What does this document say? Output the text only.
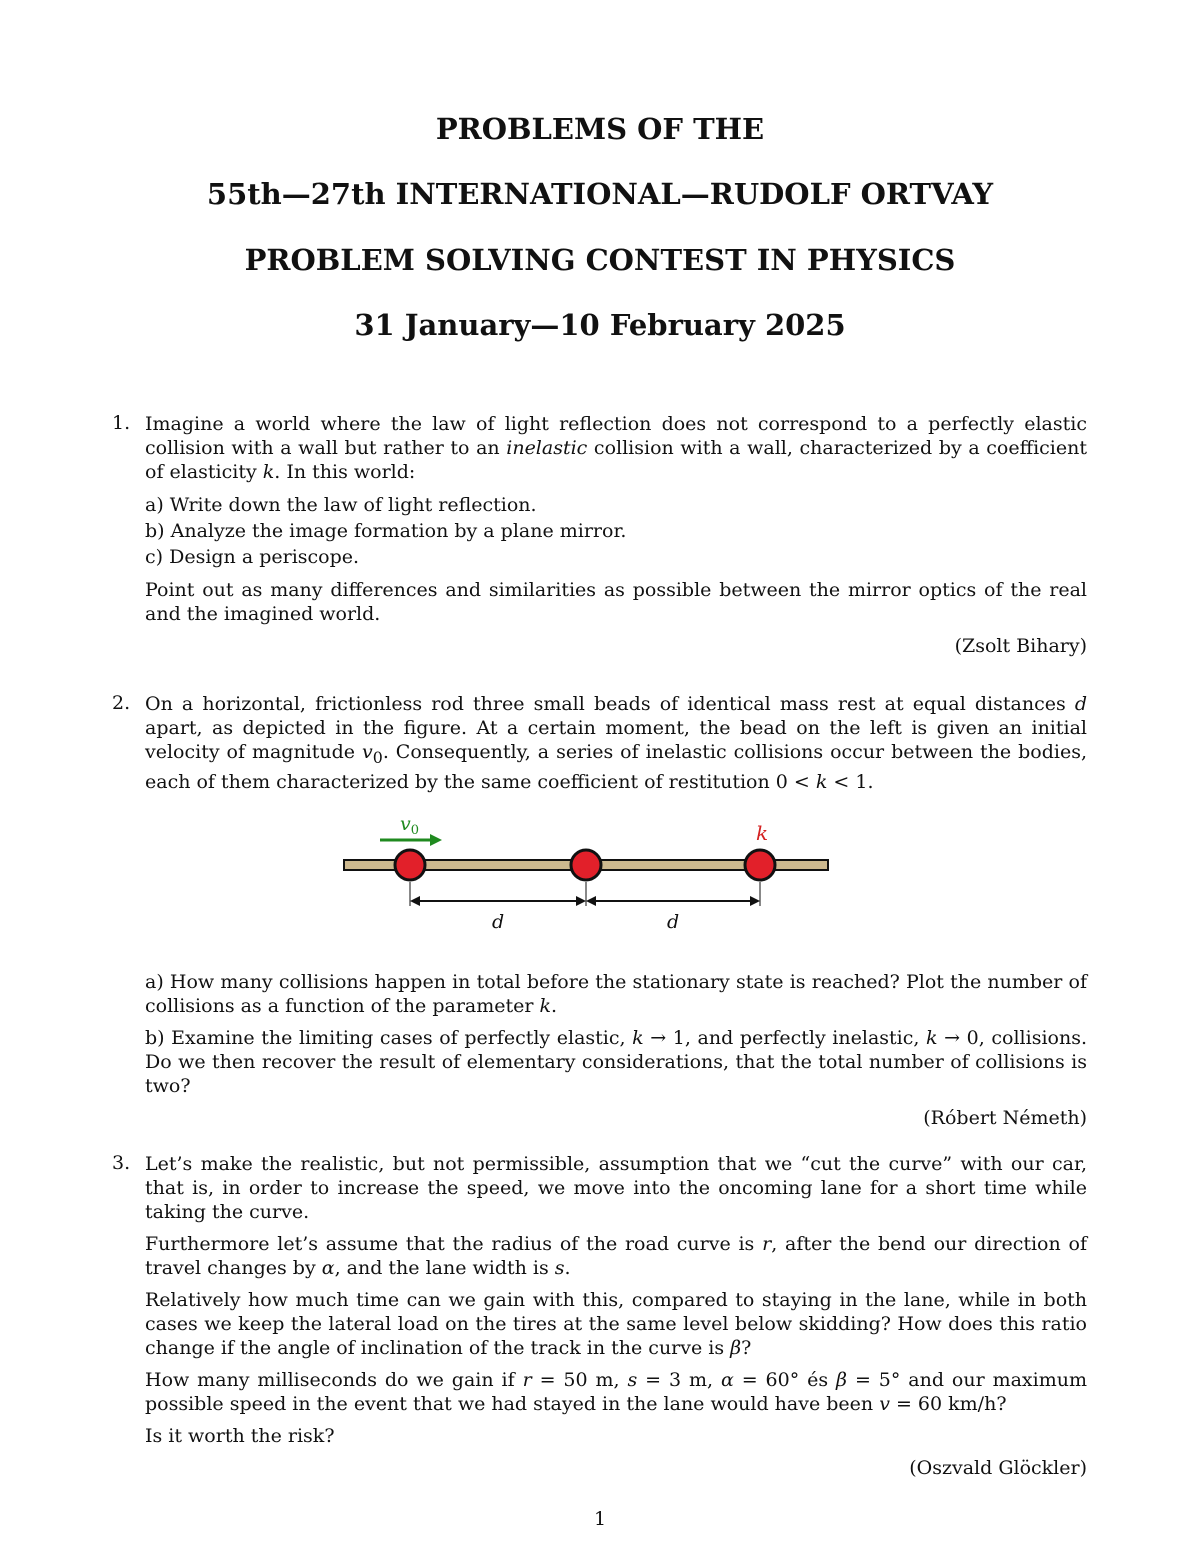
PROBLEMS OF THE
55th—27th INTERNATIONAL—RUDOLF ORTVAY
PROBLEM SOLVING CONTEST IN PHYSICS
31 January—10 February 2025
1. Imagine a world where the law of light reflection does not correspond to a perfectly elastic collision with a wall but rather to an inelastic collision with a wall, characterized by a coefficient of elasticity k. In this world:

a) Write down the law of light reflection.

b) Analyze the image formation by a plane mirror.

c) Design a periscope.

Point out as many differences and similarities as possible between the mirror optics of the real and the imagined world.

(Zsolt Bihary)
2. On a horizontal, frictionless rod three small beads of identical mass rest at equal distances d apart, as depicted in the figure. At a certain moment, the bead on the left is given an initial velocity of magnitude $v_0$. Consequently, a series of inelastic collisions occur between the bodies, each of them characterized by the same coefficient of restitution 0 < k < 1.

a) How many collisions happen in total before the stationary state is reached? Plot the number of collisions as a function of the parameter k.

b) Examine the limiting cases of perfectly elastic, k → 1, and perfectly inelastic, k → 0, collisions. Do we then recover the result of elementary considerations, that the total number of collisions is two?

(Róbert Németh)
$v_0$	k
d	d
3. Let’s make the realistic, but not permissible, assumption that we “cut the curve” with our car, that is, in order to increase the speed, we move into the oncoming lane for a short time while taking the curve.

Furthermore let’s assume that the radius of the road curve is r, after the bend our direction of travel changes by α, and the lane width is s.

Relatively how much time can we gain with this, compared to staying in the lane, while in both cases we keep the lateral load on the tires at the same level below skidding? How does this ratio change if the angle of inclination of the track in the curve is β?

How many milliseconds do we gain if r = 50 m, s = 3 m, α = 60° és β = 5° and our maximum possible speed in the event that we had stayed in the lane would have been v = 60 km/h?

Is it worth the risk?

(Oszvald Glöckler)
1
